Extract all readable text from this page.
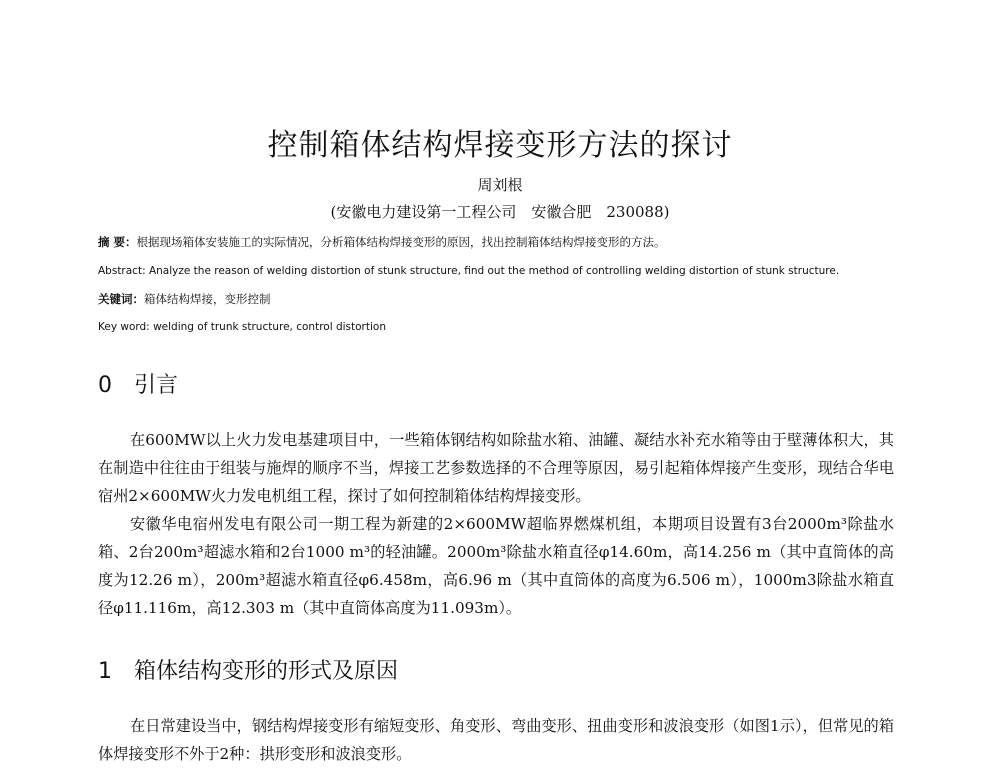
控制箱体结构焊接变形方法的探讨
周刘根
(安徽电力建设第一工程公司　安徽合肥　230088)
摘 要：根据现场箱体安装施工的实际情况，分析箱体结构焊接变形的原因，找出控制箱体结构焊接变形的方法。
Abstract: Analyze the reason of welding distortion of stunk structure, find out the method of controlling welding distortion of stunk structure.
关键词：箱体结构焊接，变形控制
Key word: welding of trunk structure, control distortion
0 引言

在600MW以上火力发电基建项目中，一些箱体钢结构如除盐水箱、油罐、凝结水补充水箱等由于壁薄体积大，其在制造中往往由于组装与施焊的顺序不当，焊接工艺参数选择的不合理等原因，易引起箱体焊接产生变形，现结合华电宿州2×600MW火力发电机组工程，探讨了如何控制箱体结构焊接变形。

安徽华电宿州发电有限公司一期工程为新建的2×600MW超临界燃煤机组，本期项目设置有3台2000m³除盐水箱、2台200m³超滤水箱和2台1000 m³的轻油罐。2000m³除盐水箱直径φ14.60m，高14.256 m（其中直筒体的高度为12.26 m），200m³超滤水箱直径φ6.458m，高6.96 m（其中直筒体的高度为6.506 m），1000m3除盐水箱直径φ11.116m，高12.303 m（其中直筒体高度为11.093m）。

1 箱体结构变形的形式及原因

在日常建设当中，钢结构焊接变形有缩短变形、角变形、弯曲变形、扭曲变形和波浪变形（如图1示），但常见的箱体焊接变形不外于2种：拱形变形和波浪变形。
